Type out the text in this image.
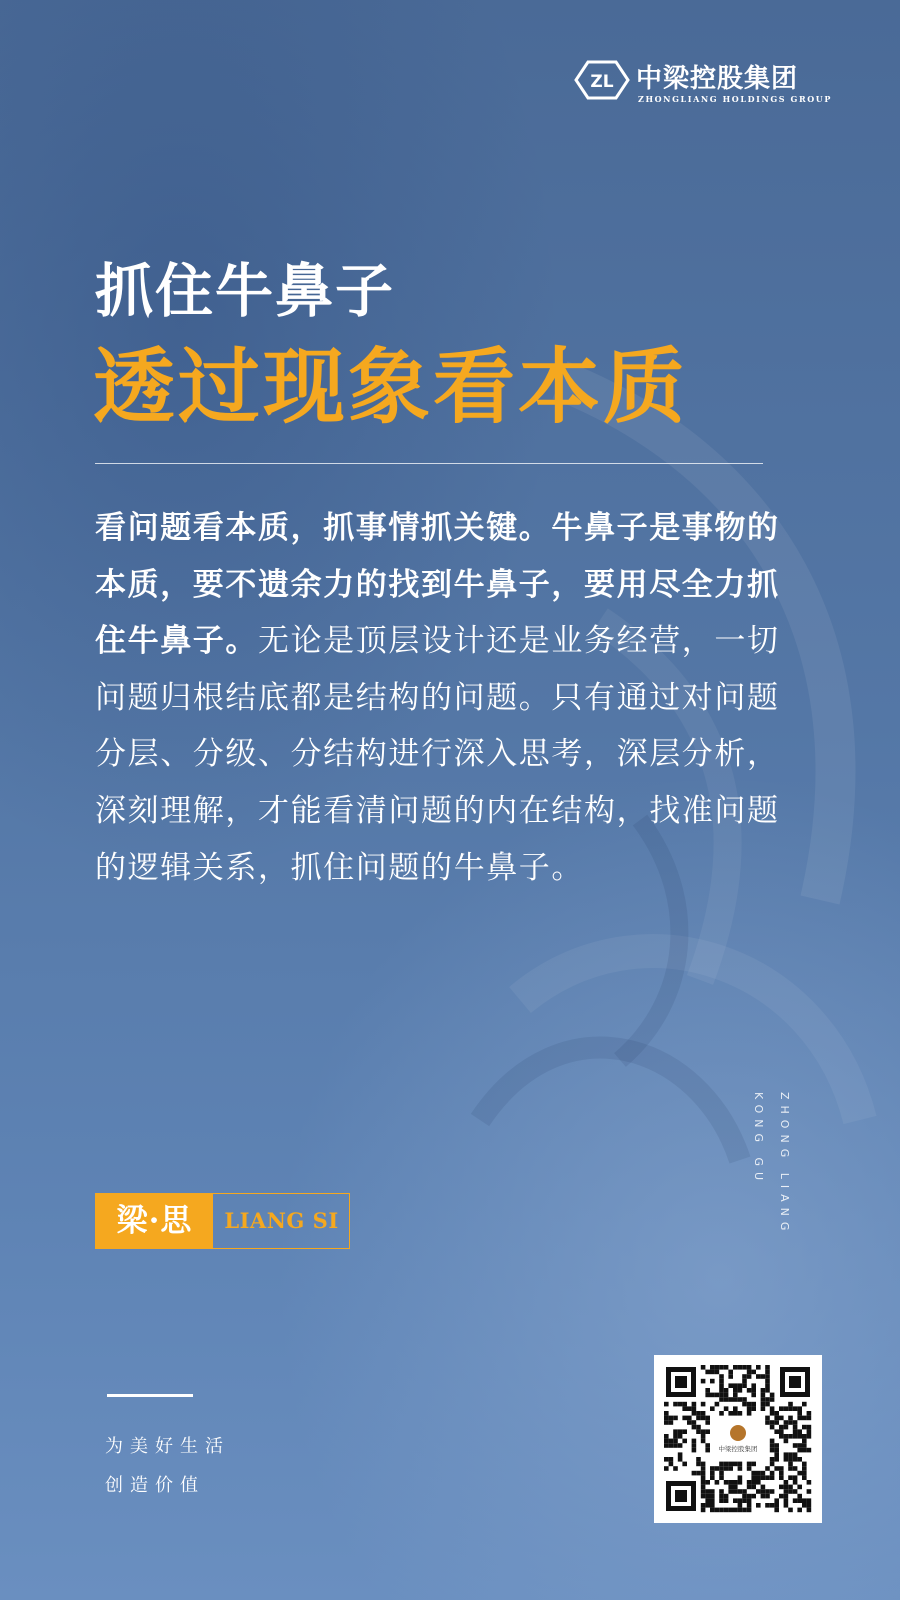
ZL 中梁控股集团
ZHONGLIANG HOLDINGS GROUP
抓住牛鼻子
透过现象看本质
看问题看本质，抓事情抓关键。牛鼻子是事物的本质，要不遗余力的找到牛鼻子，要用尽全力抓住牛鼻子。无论是顶层设计还是业务经营，一切问题归根结底都是结构的问题。只有通过对问题分层、分级、分结构进行深入思考，深层分析，深刻理解，才能看清问题的内在结构，找准问题的逻辑关系，抓住问题的牛鼻子。
ZHONG LIANG
KONG GU
梁·思	LIANG SI
为美好生活
创造价值
中梁控股集团
